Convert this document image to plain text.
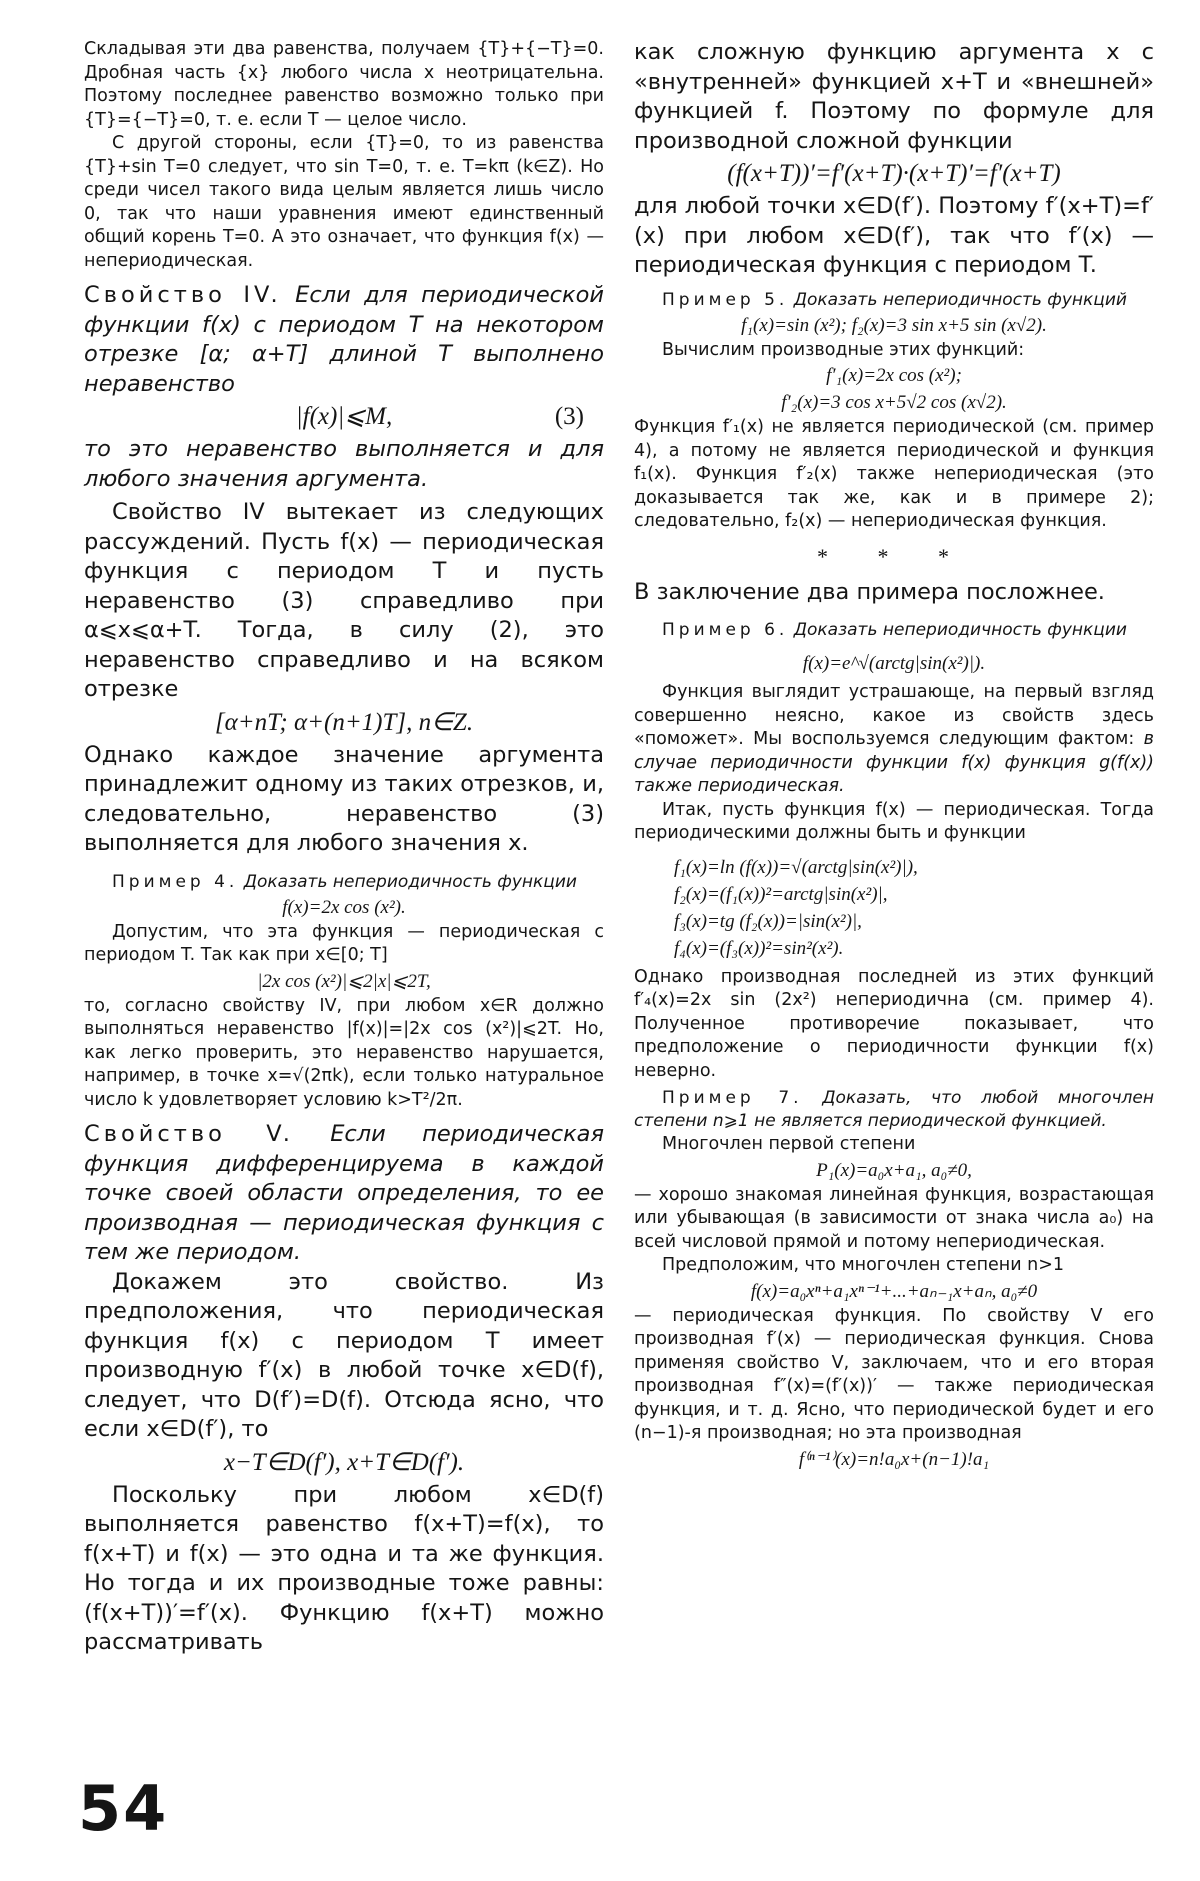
Складывая эти два равенства, получаем {T}+{−T}=0. Дробная часть {x} любого числа x неотрицательна. Поэтому последнее равенство возможно только при {T}={−T}=0, т. е. если T — целое число.

С другой стороны, если {T}=0, то из равенства {T}+sin T=0 следует, что sin T=0, т. е. T=kπ (k∈Z). Но среди чисел такого вида целым является лишь число 0, так что наши уравнения имеют единственный общий корень T=0. А это означает, что функция f(x) — непериодическая.

Свойство IV. Если для периодической функции f(x) с периодом T на некотором отрезке [α; α+T] длиной T выполнено неравенство

|f(x)|⩽M,	(3)

то это неравенство выполняется и для любого значения аргумента.

Свойство IV вытекает из следующих рассуждений. Пусть f(x) — периодическая функция с периодом T и пусть неравенство (3) справедливо при α⩽x⩽α+T. Тогда, в силу (2), это неравенство справедливо и на всяком отрезке

[α+nT; α+(n+1)T], n∈Z.

Однако каждое значение аргумента принадлежит одному из таких отрезков, и, следовательно, неравенство (3) выполняется для любого значения x.

Пример 4. Доказать непериодичность функции

f(x)=2x cos (x²).

Допустим, что эта функция — периодическая с периодом T. Так как при x∈[0; T]

|2x cos (x²)|⩽2|x|⩽2T,

то, согласно свойству IV, при любом x∈R должно выполняться неравенство |f(x)|=|2x cos (x²)|⩽2T. Но, как легко проверить, это неравенство нарушается, например, в точке x=√(2πk), если только натуральное число k удовлетворяет условию k>T²/2π.

Свойство V. Если периодическая функция дифференцируема в каждой точке своей области определения, то ее производная — периодическая функция с тем же периодом.

Докажем это свойство. Из предположения, что периодическая функция f(x) с периодом T имеет производную f′(x) в любой точке x∈D(f), следует, что D(f′)=D(f). Отсюда ясно, что если x∈D(f′), то

x−T∈D(f′), x+T∈D(f′).

Поскольку при любом x∈D(f) выполняется равенство f(x+T)=f(x), то f(x+T) и f(x) — это одна и та же функция. Но тогда и их производные тоже равны: (f(x+T))′=f′(x). Функцию f(x+T) можно рассматривать

как сложную функцию аргумента x с «внутренней» функцией x+T и «внешней» функцией f. Поэтому по формуле для производной сложной функции

(f(x+T))′=f′(x+T)·(x+T)′=f′(x+T)

для любой точки x∈D(f′). Поэтому f′(x+T)=f′(x) при любом x∈D(f′), так что f′(x) — периодическая функция с периодом T.

Пример 5. Доказать непериодичность функций

f₁(x)=sin (x²); f₂(x)=3 sin x+5 sin (x√2).

Вычислим производные этих функций:

f′₁(x)=2x cos (x²);
f′₂(x)=3 cos x+5√2 cos (x√2).

Функция f′₁(x) не является периодической (см. пример 4), а потому не является периодической и функция f₁(x). Функция f′₂(x) также непериодическая (это доказывается так же, как и в примере 2); следовательно, f₂(x) — непериодическая функция.

* * *

В заключение два примера посложнее.

Пример 6. Доказать непериодичность функции

f(x)=e^√(arctg|sin(x²)|).

Функция выглядит устрашающе, на первый взгляд совершенно неясно, какое из свойств здесь «поможет». Мы воспользуемся следующим фактом: в случае периодичности функции f(x) функция g(f(x)) также периодическая.

Итак, пусть функция f(x) — периодическая. Тогда периодическими должны быть и функции

f₁(x)=ln (f(x))=√(arctg|sin(x²)|),
f₂(x)=(f₁(x))²=arctg|sin(x²)|,
f₃(x)=tg (f₂(x))=|sin(x²)|,
f₄(x)=(f₃(x))²=sin²(x²).

Однако производная последней из этих функций f′₄(x)=2x sin (2x²) непериодична (см. пример 4). Полученное противоречие показывает, что предположение о периодичности функции f(x) неверно.

Пример 7. Доказать, что любой многочлен степени n⩾1 не является периодической функцией.

Многочлен первой степени

P₁(x)=a₀x+a₁, a₀≠0,

— хорошо знакомая линейная функция, возрастающая или убывающая (в зависимости от знака числа a₀) на всей числовой прямой и потому непериодическая.

Предположим, что многочлен степени n>1

f(x)=a₀xⁿ+a₁xⁿ⁻¹+...+aₙ₋₁x+aₙ, a₀≠0

— периодическая функция. По свойству V его производная f′(x) — периодическая функция. Снова применяя свойство V, заключаем, что и его вторая производная f″(x)=(f′(x))′ — также периодическая функция, и т. д. Ясно, что периодической будет и его (n−1)-я производная; но эта производная

f⁽ⁿ⁻¹⁾(x)=n!a₀x+(n−1)!a₁
54
